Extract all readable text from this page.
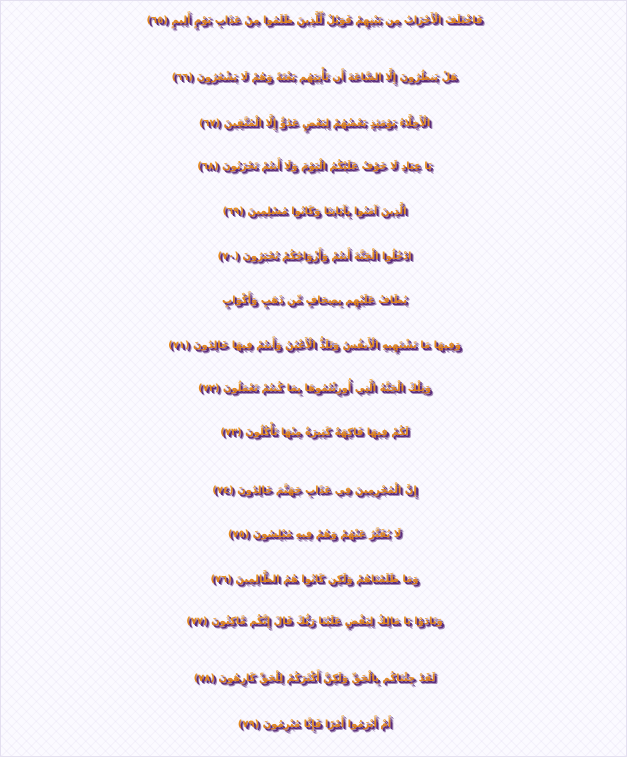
فَاخْتَلَفَ الْأَحْزَابُ مِن بَيْنِهِمْ فَوَيْلٌ لِّلَّذِينَ ظَلَمُوا مِنْ عَذَابِ يَوْمٍ أَلِيمٍ (٦٥)
هَلْ يَنظُرُونَ إِلَّا السَّاعَةَ أَن تَأْتِيَهُم بَغْتَةً وَهُمْ لَا يَشْعُرُونَ (٦٦)
الْأَخِلَّاءُ يَوْمَئِذٍ بَعْضُهُمْ لِبَعْضٍ عَدُوٌّ إِلَّا الْمُتَّقِينَ (٦٧)
يَا عِبَادِ لَا خَوْفٌ عَلَيْكُمُ الْيَوْمَ وَلَا أَنتُمْ تَحْزَنُونَ (٦٨)
الَّذِينَ آمَنُوا بِآيَاتِنَا وَكَانُوا مُسْلِمِينَ (٦٩)
ادْخُلُوا الْجَنَّةَ أَنتُمْ وَأَزْوَاجُكُمْ تُحْبَرُونَ (٧٠)
يُطَافُ عَلَيْهِم بِصِحَافٍ مِّن ذَهَبٍ وَأَكْوَابٍ
وَفِيهَا مَا تَشْتَهِيهِ الْأَنفُسُ وَتَلَذُّ الْأَعْيُنُ وَأَنتُمْ فِيهَا خَالِدُونَ (٧١)
وَتِلْكَ الْجَنَّةُ الَّتِي أُورِثْتُمُوهَا بِمَا كُنتُمْ تَعْمَلُونَ (٧٢)
لَكُمْ فِيهَا فَاكِهَةٌ كَثِيرَةٌ مِنْهَا تَأْكُلُونَ (٧٣)
إِنَّ الْمُجْرِمِينَ فِي عَذَابِ جَهَنَّمَ خَالِدُونَ (٧٤)
لَا يُفَتَّرُ عَنْهُمْ وَهُمْ فِيهِ مُبْلِسُونَ (٧٥)
وَمَا ظَلَمْنَاهُمْ وَلَكِن كَانُوا هُمُ الظَّالِمِينَ (٧٦)
وَنَادَوْا يَا مَالِكُ لِيَقْضِ عَلَيْنَا رَبُّكَ قَالَ إِنَّكُم مَّاكِثُونَ (٧٧)
لَقَدْ جِئْنَاكُم بِالْحَقِّ وَلَكِنَّ أَكْثَرَكُمْ لِلْحَقِّ كَارِهُونَ (٧٨)
أَمْ أَبْرَمُوا أَمْرًا فَإِنَّا مُبْرِمُونَ (٧٩)
